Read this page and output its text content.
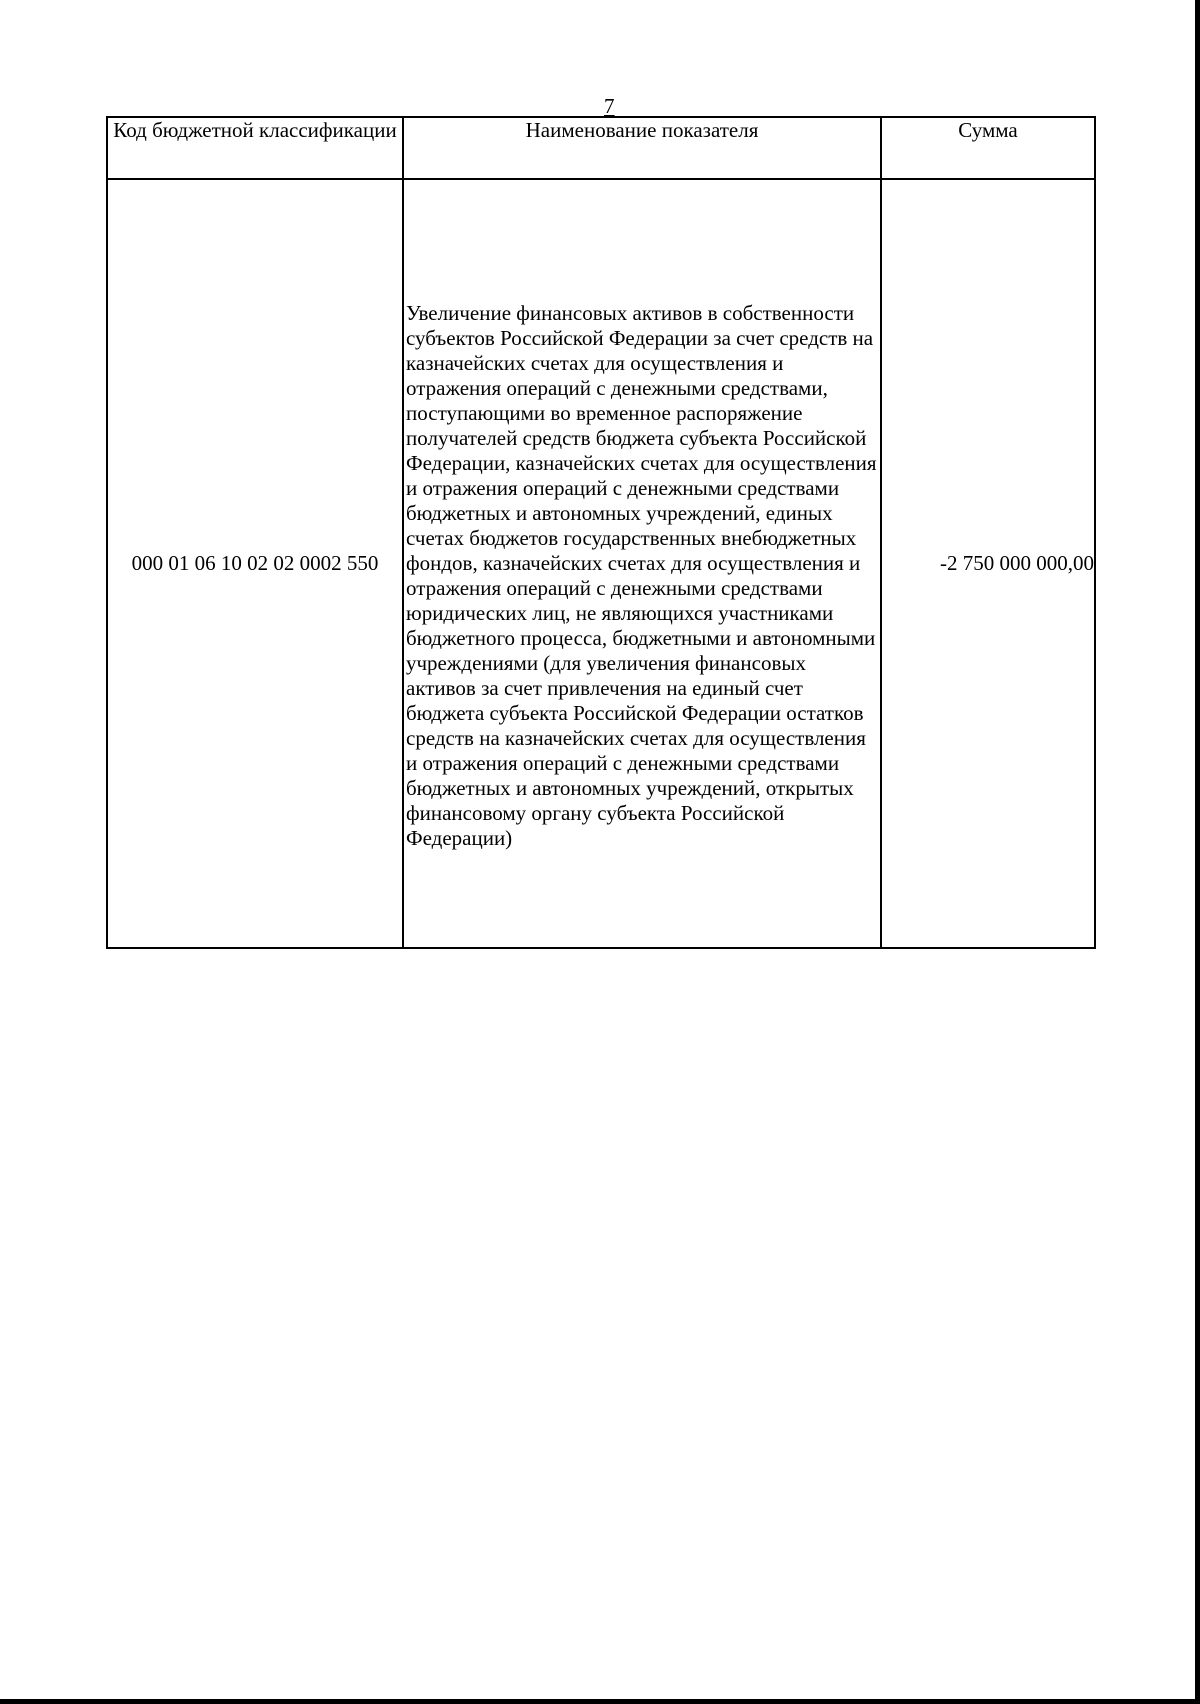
7
Код бюджетной классификации	Наименование показателя	Сумма
000 01 06 10 02 02 0002 550	Увеличение финансовых активов в собственности субъектов Российской Федерации за счет средств на казначейских счетах для осуществления и отражения операций с денежными средствами, поступающими во временное распоряжение получателей средств бюджета субъекта Российской Федерации, казначейских счетах для осуществления и отражения операций с денежными средствами бюджетных и автономных учреждений, единых счетах бюджетов государственных внебюджетных фондов, казначейских счетах для осуществления и отражения операций с денежными средствами юридических лиц, не являющихся участниками бюджетного процесса, бюджетными и автономными учреждениями (для увеличения финансовых активов за счет привлечения на единый счет бюджета субъекта Российской Федерации остатков средств на казначейских счетах для осуществления и отражения операций с денежными средствами бюджетных и автономных учреждений, открытых финансовому органу субъекта Российской Федерации)	-2 750 000 000,00
